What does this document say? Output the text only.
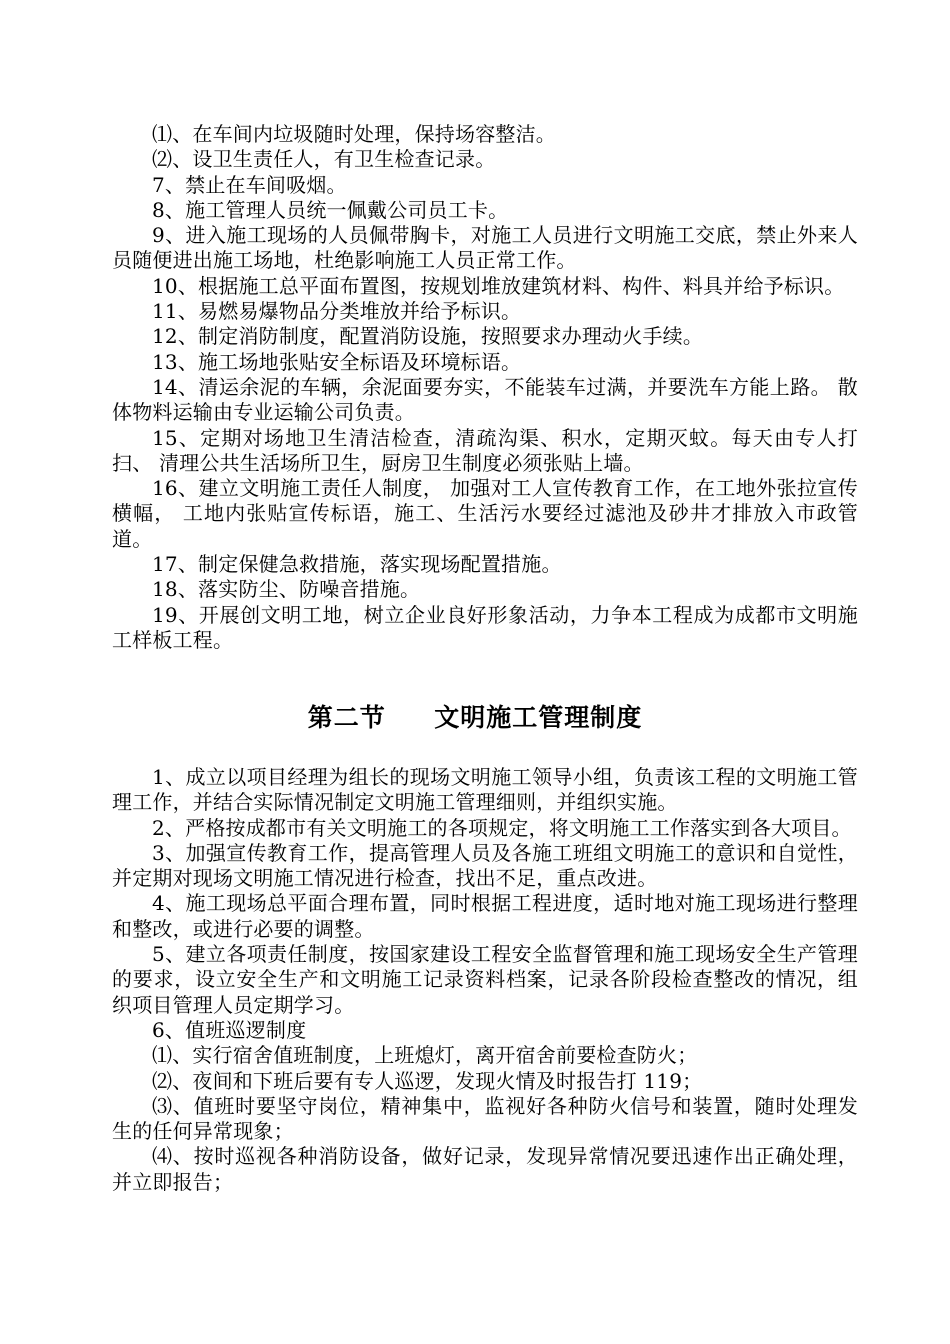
⑴、在车间内垃圾随时处理，保持场容整洁。

⑵、设卫生责任人，有卫生检查记录。

7、禁止在车间吸烟。

8、施工管理人员统一佩戴公司员工卡。

9、进入施工现场的人员佩带胸卡，对施工人员进行文明施工交底，禁止外来人员随便进出施工场地，杜绝影响施工人员正常工作。

10、根据施工总平面布置图，按规划堆放建筑材料、构件、料具并给予标识。

11、易燃易爆物品分类堆放并给予标识。

12、制定消防制度，配置消防设施，按照要求办理动火手续。

13、施工场地张贴安全标语及环境标语。

14、清运余泥的车辆，余泥面要夯实，不能装车过满，并要洗车方能上路。 散体物料运输由专业运输公司负责。

15、定期对场地卫生清洁检查，清疏沟渠、积水，定期灭蚊。每天由专人打扫、 清理公共生活场所卫生，厨房卫生制度必须张贴上墙。

16、建立文明施工责任人制度， 加强对工人宣传教育工作，在工地外张拉宣传横幅， 工地内张贴宣传标语，施工、生活污水要经过滤池及砂井才排放入市政管道。

17、制定保健急救措施，落实现场配置措施。

18、落实防尘、防噪音措施。

19、开展创文明工地，树立企业良好形象活动，力争本工程成为成都市文明施工样板工程。

第二节     文明施工管理制度

1、成立以项目经理为组长的现场文明施工领导小组，负责该工程的文明施工管理工作，并结合实际情况制定文明施工管理细则，并组织实施。

2、严格按成都市有关文明施工的各项规定，将文明施工工作落实到各大项目。

3、加强宣传教育工作，提高管理人员及各施工班组文明施工的意识和自觉性，并定期对现场文明施工情况进行检查，找出不足，重点改进。

4、施工现场总平面合理布置，同时根据工程进度，适时地对施工现场进行整理和整改，或进行必要的调整。

5、建立各项责任制度，按国家建设工程安全监督管理和施工现场安全生产管理的要求，设立安全生产和文明施工记录资料档案，记录各阶段检查整改的情况，组织项目管理人员定期学习。

6、值班巡逻制度

⑴、实行宿舍值班制度，上班熄灯，离开宿舍前要检查防火；

⑵、夜间和下班后要有专人巡逻，发现火情及时报告打 119；

⑶、值班时要坚守岗位，精神集中，监视好各种防火信号和装置，随时处理发生的任何异常现象；

⑷、按时巡视各种消防设备，做好记录，发现异常情况要迅速作出正确处理，并立即报告；
